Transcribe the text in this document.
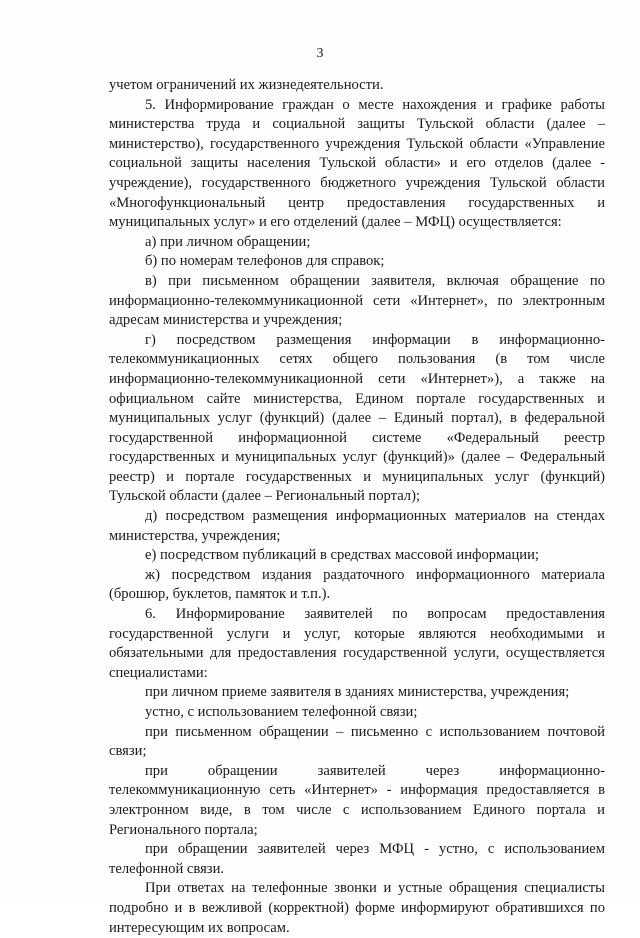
3

учетом ограничений их жизнедеятельности.

5. Информирование граждан о месте нахождения и графике работы министерства труда и социальной защиты Тульской области (далее – министерство), государственного учреждения Тульской области «Управление социальной защиты населения Тульской области» и его отделов (далее - учреждение), государственного бюджетного учреждения Тульской области «Многофункциональный центр предоставления государственных и муниципальных услуг» и его отделений (далее – МФЦ) осуществляется:

а) при личном обращении;

б) по номерам телефонов для справок;

в) при письменном обращении заявителя, включая обращение по информационно-телекоммуникационной сети «Интернет», по электронным адресам министерства и учреждения;

г) посредством размещения информации в информационно-телекоммуникационных сетях общего пользования (в том числе информационно-телекоммуникационной сети «Интернет»), а также на официальном сайте министерства, Едином портале государственных и муниципальных услуг (функций) (далее – Единый портал), в федеральной государственной информационной системе «Федеральный реестр государственных и муниципальных услуг (функций)» (далее – Федеральный реестр) и портале государственных и муниципальных услуг (функций) Тульской области (далее – Региональный портал);

д) посредством размещения информационных материалов на стендах министерства, учреждения;

е) посредством публикаций в средствах массовой информации;

ж) посредством издания раздаточного информационного материала (брошюр, буклетов, памяток и т.п.).

6. Информирование заявителей по вопросам предоставления государственной услуги и услуг, которые являются необходимыми и обязательными для предоставления государственной услуги, осуществляется специалистами:

при личном приеме заявителя в зданиях министерства, учреждения;

устно, с использованием телефонной связи;

при письменном обращении – письменно с использованием почтовой связи;

при обращении заявителей через информационно-телекоммуникационную сеть «Интернет» - информация предоставляется в электронном виде, в том числе с использованием Единого портала и Регионального портала;

при обращении заявителей через МФЦ - устно, с использованием телефонной связи.

При ответах на телефонные звонки и устные обращения специалисты подробно и в вежливой (корректной) форме информируют обратившихся по интересующим их вопросам.
